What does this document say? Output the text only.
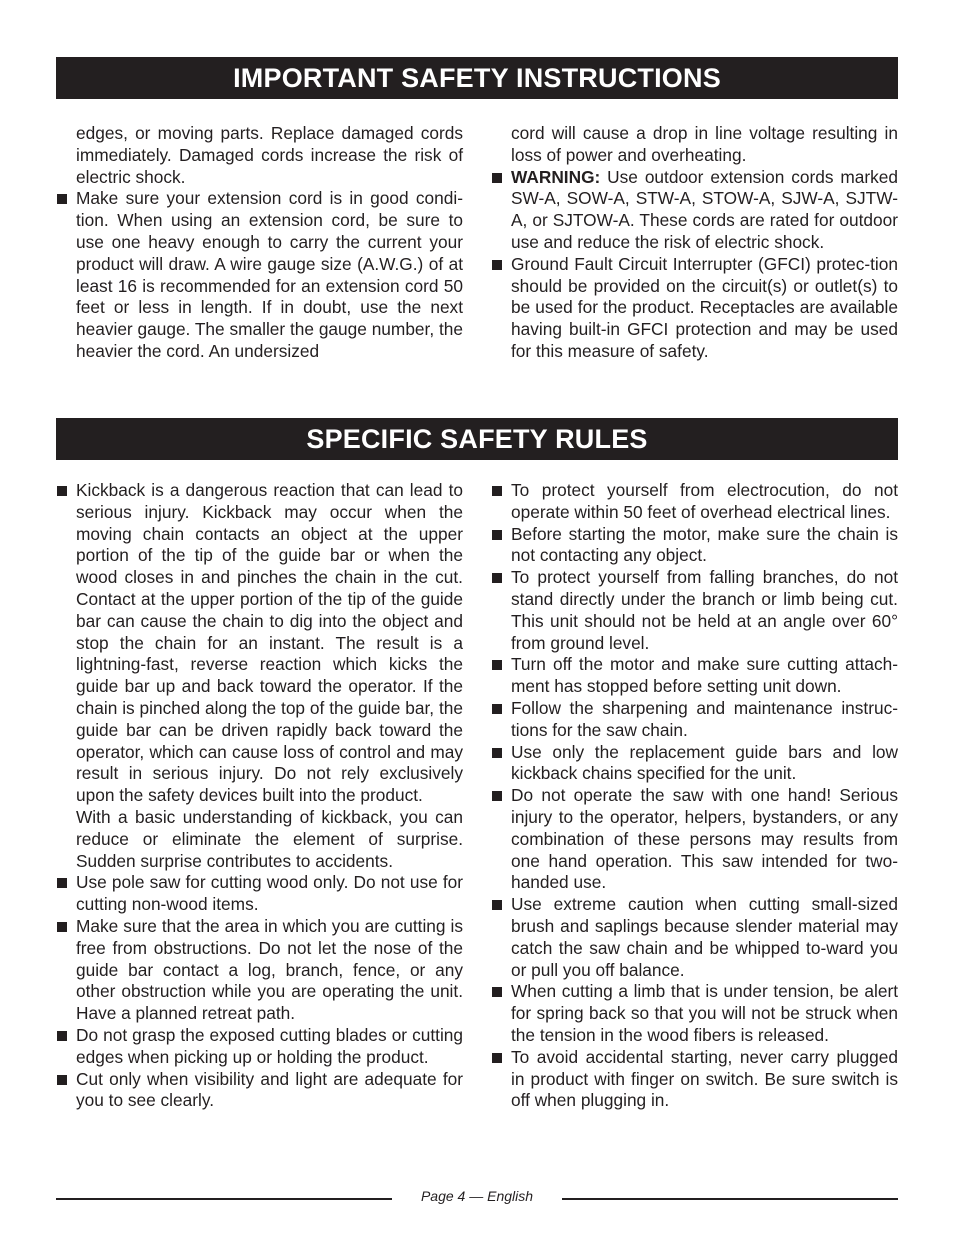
IMPORTANT SAFETY INSTRUCTIONS

edges, or moving parts. Replace damaged cords immediately. Damaged cords increase the risk of electric shock.

Make sure your extension cord is in good condi-tion. When using an extension cord, be sure to use one heavy enough to carry the current your product will draw. A wire gauge size (A.W.G.) of at least 16 is recommended for an extension cord 50 feet or less in length. If in doubt, use the next heavier gauge. The smaller the gauge number, the heavier the cord. An undersized

cord will cause a drop in line voltage resulting in loss of power and overheating.

WARNING: Use outdoor extension cords marked SW-A, SOW-A, STW-A, STOW-A, SJW-A, SJTW-A, or SJTOW-A. These cords are rated for outdoor use and reduce the risk of electric shock.

Ground Fault Circuit Interrupter (GFCI) protec-tion should be provided on the circuit(s) or outlet(s) to be used for the product. Receptacles are available having built-in GFCI protection and may be used for this measure of safety.

SPECIFIC SAFETY RULES

Kickback is a dangerous reaction that can lead to serious injury. Kickback may occur when the moving chain contacts an object at the upper portion of the tip of the guide bar or when the wood closes in and pinches the chain in the cut. Contact at the upper portion of the tip of the guide bar can cause the chain to dig into the object and stop the chain for an instant. The result is a lightning-fast, reverse reaction which kicks the guide bar up and back toward the operator. If the chain is pinched along the top of the guide bar, the guide bar can be driven rapidly back toward the operator, which can cause loss of control and may result in serious injury. Do not rely exclusively upon the safety devices built into the product.

With a basic understanding of kickback, you can reduce or eliminate the element of surprise. Sudden surprise contributes to accidents.

Use pole saw for cutting wood only. Do not use for cutting non-wood items.

Make sure that the area in which you are cutting is free from obstructions. Do not let the nose of the guide bar contact a log, branch, fence, or any other obstruction while you are operating the unit. Have a planned retreat path.

Do not grasp the exposed cutting blades or cutting edges when picking up or holding the product.

Cut only when visibility and light are adequate for you to see clearly.

To protect yourself from electrocution, do not operate within 50 feet of overhead electrical lines.

Before starting the motor, make sure the chain is not contacting any object.

To protect yourself from falling branches, do not stand directly under the branch or limb being cut. This unit should not be held at an angle over 60° from ground level.

Turn off the motor and make sure cutting attach-ment has stopped before setting unit down.

Follow the sharpening and maintenance instruc-tions for the saw chain.

Use only the replacement guide bars and low kickback chains specified for the unit.

Do not operate the saw with one hand! Serious injury to the operator, helpers, bystanders, or any combination of these persons may results from one hand operation. This saw intended for two-handed use.

Use extreme caution when cutting small-sized brush and saplings because slender material may catch the saw chain and be whipped to-ward you or pull you off balance.

When cutting a limb that is under tension, be alert for spring back so that you will not be struck when the tension in the wood fibers is released.

To avoid accidental starting, never carry plugged in product with finger on switch. Be sure switch is off when plugging in.

Page 4 — English
